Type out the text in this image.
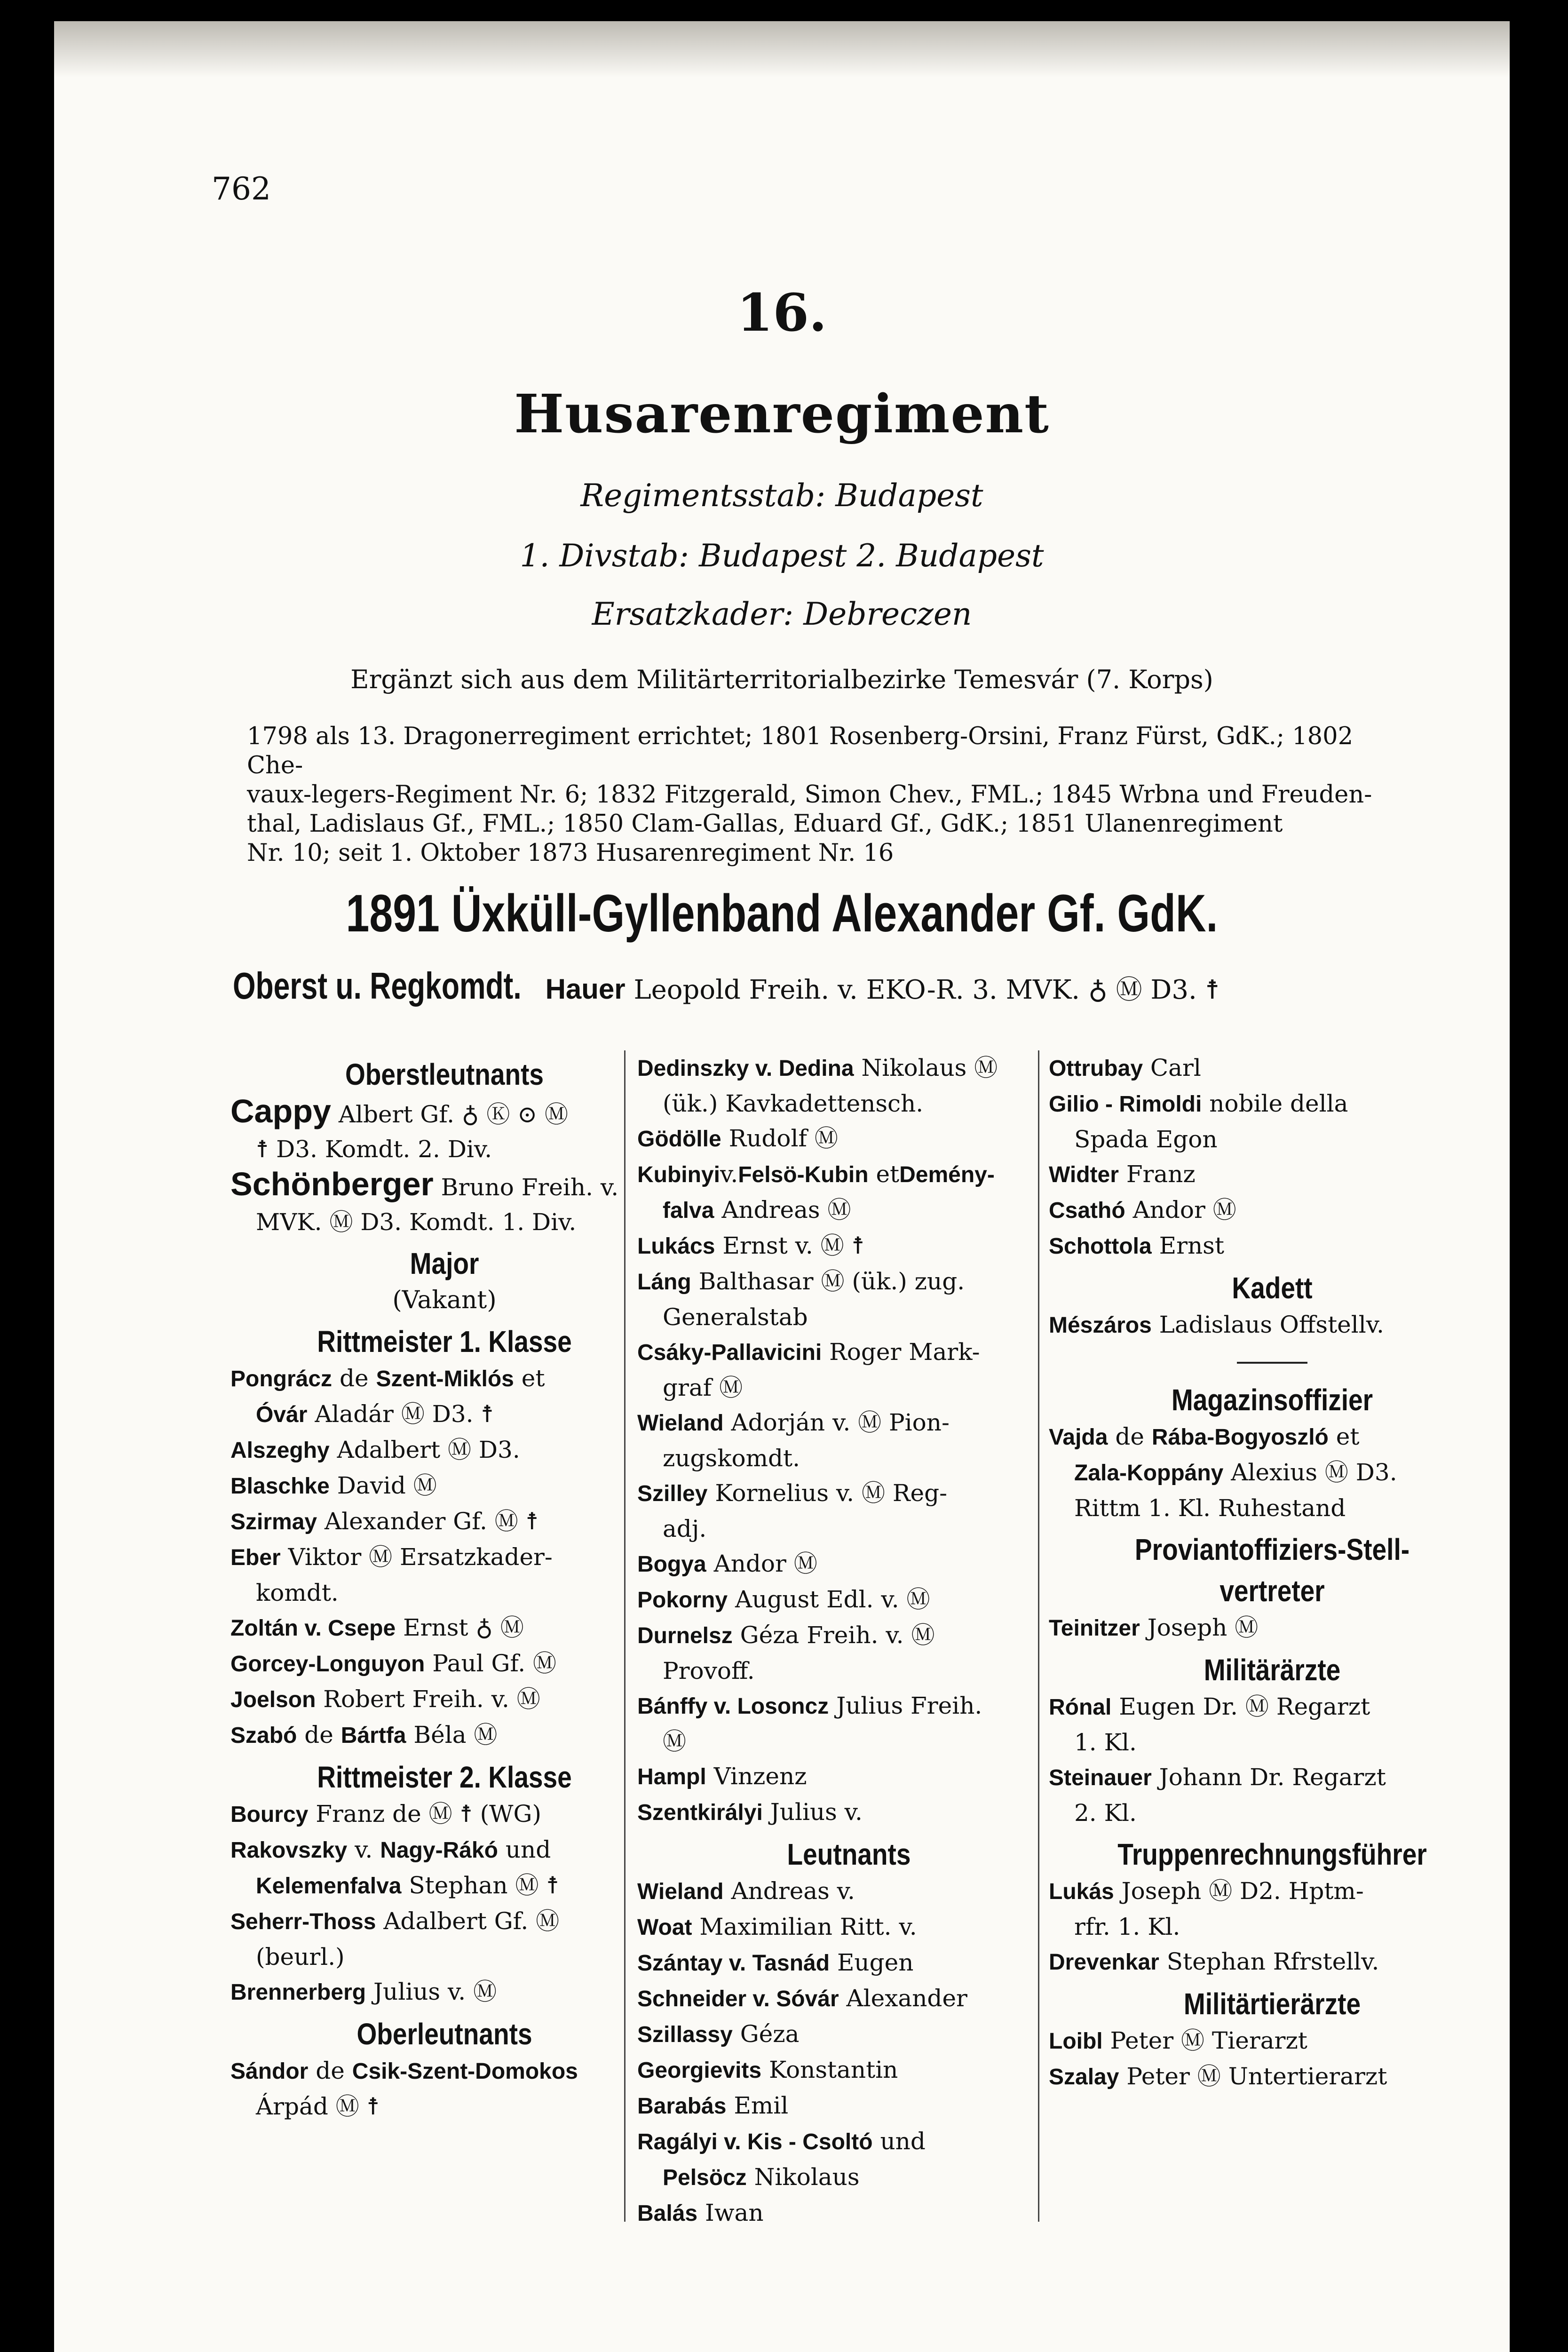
762
16.
Husarenregiment
Regimentsstab: Budapest
1. Divstab: Budapest 2. Budapest
Ersatzkader: Debreczen
Ergänzt sich aus dem Militärterritorialbezirke Temesvár (7. Korps)
1798 als 13. Dragonerregiment errichtet; 1801 Rosenberg-Orsini, Franz Fürst, GdK.; 1802 Che-
vaux-legers-Regiment Nr. 6; 1832 Fitzgerald, Simon Chev., FML.; 1845 Wrbna und Freuden-
thal, Ladislaus Gf., FML.; 1850 Clam-Gallas, Eduard Gf., GdK.; 1851 Ulanenregiment
Nr. 10; seit 1. Oktober 1873 Husarenregiment Nr. 16
1891 Üxküll-Gyllenband Alexander Gf. GdK.
Oberst u. Regkomdt. Hauer Leopold Freih. v. EKO-R. 3. MVK. ♁ Ⓜ D3. ☨
Oberstleutnants
Cappy Albert Gf. ♁ Ⓚ ⊙ Ⓜ
☨ D3. Komdt. 2. Div.
Schönberger Bruno Freih. v.
MVK. Ⓜ D3. Komdt. 1. Div.
Major
(Vakant)
Rittmeister 1. Klasse
Pongrácz de Szent-Miklós et
Óvár Aladár Ⓜ D3. ☨
Alszeghy Adalbert Ⓜ D3.
Blaschke David Ⓜ
Szirmay Alexander Gf. Ⓜ ☨
Eber Viktor Ⓜ Ersatzkader-
komdt.
Zoltán v. Csepe Ernst ♁ Ⓜ
Gorcey-Longuyon Paul Gf. Ⓜ
Joelson Robert Freih. v. Ⓜ
Szabó de Bártfa Béla Ⓜ
Rittmeister 2. Klasse
Bourcy Franz de Ⓜ ☨ (WG)
Rakovszky v. Nagy-Rákó und
Kelemenfalva Stephan Ⓜ ☨
Seherr-Thoss Adalbert Gf. Ⓜ
(beurl.)
Brennerberg Julius v. Ⓜ
Oberleutnants
Sándor de Csik-Szent-Domokos
Árpád Ⓜ ☨
Dedinszky v. Dedina Nikolaus Ⓜ
(ük.) Kavkadettensch.
Gödölle Rudolf Ⓜ
Kubinyiv.Felsö-Kubin etDemény-
falva Andreas Ⓜ
Lukács Ernst v. Ⓜ ☨
Láng Balthasar Ⓜ (ük.) zug.
Generalstab
Csáky-Pallavicini Roger Mark-
graf Ⓜ
Wieland Adorján v. Ⓜ Pion-
zugskomdt.
Szilley Kornelius v. Ⓜ Reg-
adj.
Bogya Andor Ⓜ
Pokorny August Edl. v. Ⓜ
Durnelsz Géza Freih. v. Ⓜ
Provoff.
Bánffy v. Losoncz Julius Freih.
Ⓜ
Hampl Vinzenz
Szentkirályi Julius v.
Leutnants
Wieland Andreas v.
Woat Maximilian Ritt. v.
Szántay v. Tasnád Eugen
Schneider v. Sóvár Alexander
Szillassy Géza
Georgievits Konstantin
Barabás Emil
Ragályi v. Kis - Csoltó und
Pelsöcz Nikolaus
Balás Iwan
Ottrubay Carl
Gilio - Rimoldi nobile della
Spada Egon
Widter Franz
Csathó Andor Ⓜ
Schottola Ernst
Kadett
Mészáros Ladislaus Offstellv.
Magazinsoffizier
Vajda de Rába-Bogyoszló et
Zala-Koppány Alexius Ⓜ D3.
Rittm 1. Kl. Ruhestand
Proviantoffiziers-Stell-
vertreter
Teinitzer Joseph Ⓜ
Militärärzte
Rónal Eugen Dr. Ⓜ Regarzt
1. Kl.
Steinauer Johann Dr. Regarzt
2. Kl.
Truppenrechnungsführer
Lukás Joseph Ⓜ D2. Hptm-
rfr. 1. Kl.
Drevenkar Stephan Rfrstellv.
Militärtierärzte
Loibl Peter Ⓜ Tierarzt
Szalay Peter Ⓜ Untertierarzt
